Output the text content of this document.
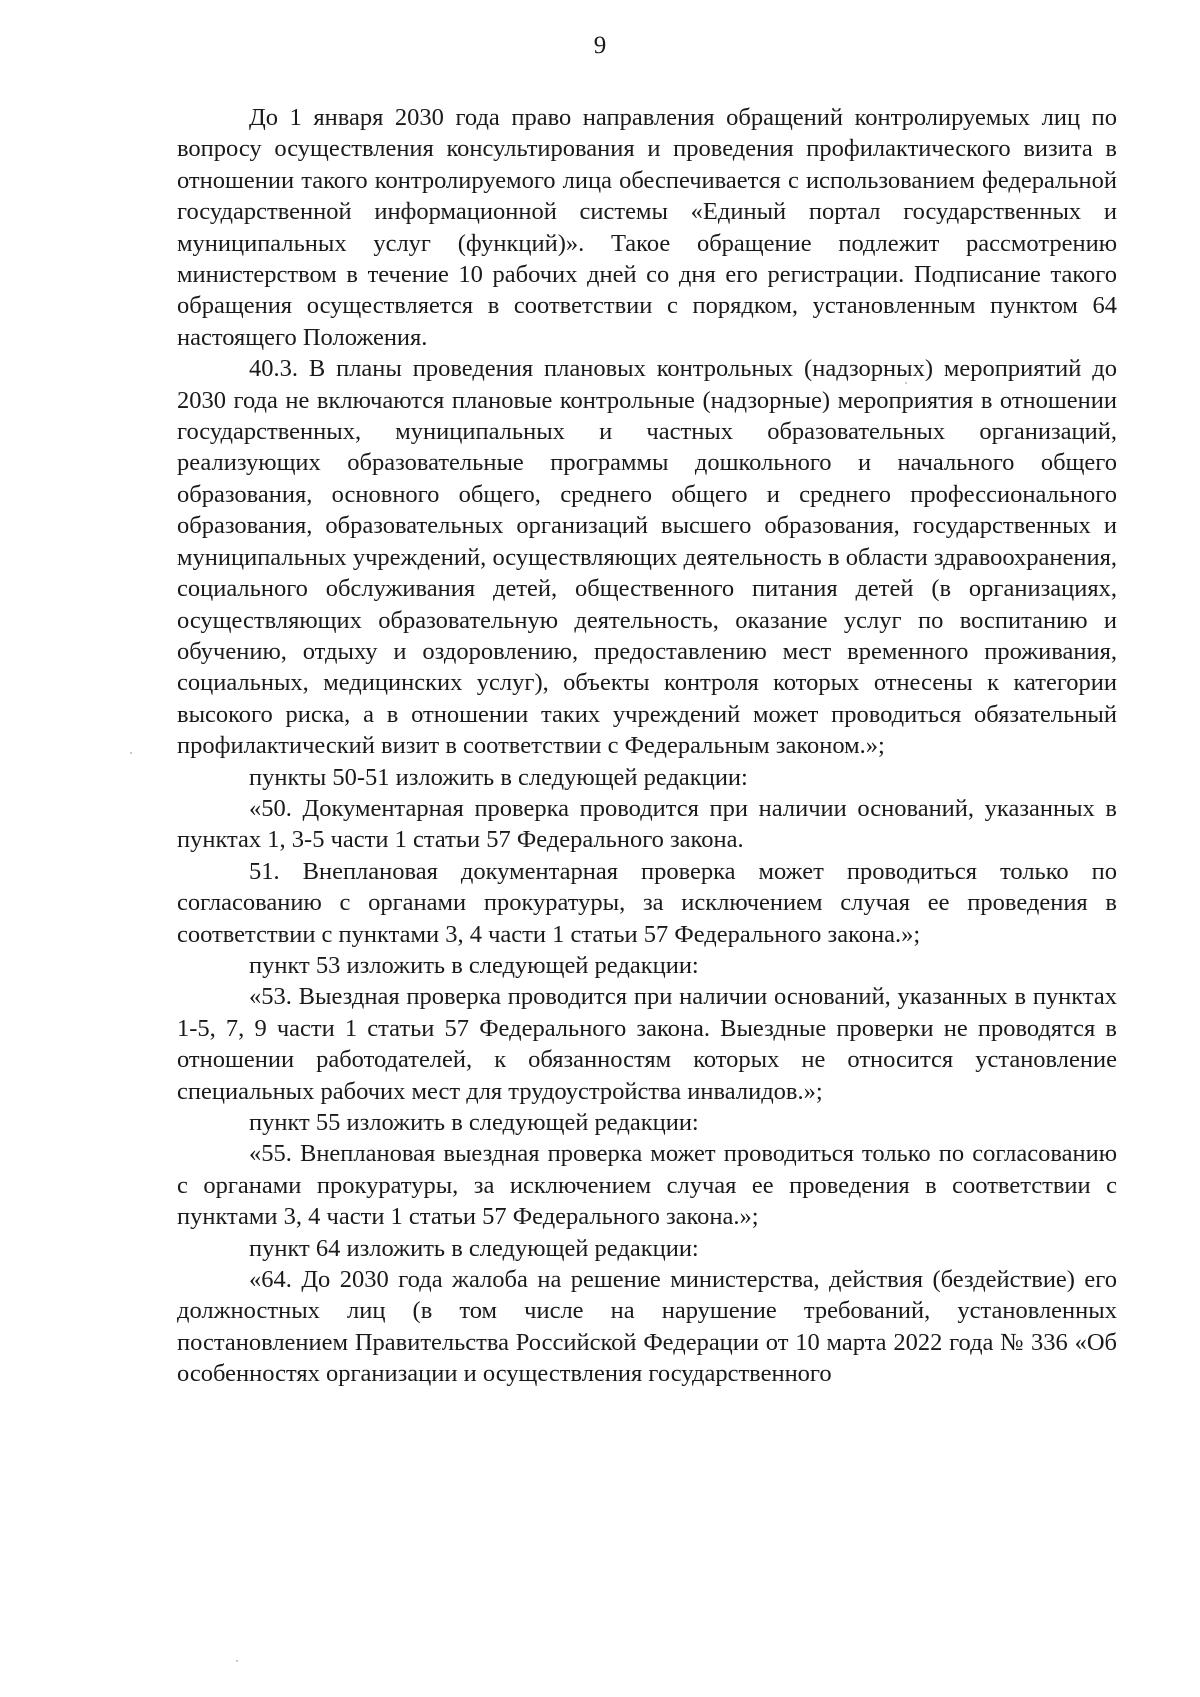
9

До 1 января 2030 года право направления обращений контролируемых лиц по вопросу осуществления консультирования и проведения профилактического визита в отношении такого контролируемого лица обеспечивается с использованием федеральной государственной информационной системы «Единый портал государственных и муниципальных услуг (функций)». Такое обращение подлежит рассмотрению министерством в течение 10 рабочих дней со дня его регистрации. Подписание такого обращения осуществляется в соответствии с порядком, установленным пунктом 64 настоящего Положения.

40.3. В планы проведения плановых контрольных (надзорных) мероприятий до 2030 года не включаются плановые контрольные (надзорные) мероприятия в отношении государственных, муниципальных и частных образовательных организаций, реализующих образовательные программы дошкольного и начального общего образования, основного общего, среднего общего и среднего профессионального образования, образовательных организаций высшего образования, государственных и муниципальных учреждений, осуществляющих деятельность в области здравоохранения, социального обслуживания детей, общественного питания детей (в организациях, осуществляющих образовательную деятельность, оказание услуг по воспитанию и обучению, отдыху и оздоровлению, предоставлению мест временного проживания, социальных, медицинских услуг), объекты контроля которых отнесены к категории высокого риска, а в отношении таких учреждений может проводиться обязательный профилактический визит в соответствии с Федеральным законом.»;

пункты 50-51 изложить в следующей редакции:

«50. Документарная проверка проводится при наличии оснований, указанных в пунктах 1, 3-5 части 1 статьи 57 Федерального закона.

51. Внеплановая документарная проверка может проводиться только по согласованию с органами прокуратуры, за исключением случая ее проведения в соответствии с пунктами 3, 4 части 1 статьи 57 Федерального закона.»;

пункт 53 изложить в следующей редакции:

«53. Выездная проверка проводится при наличии оснований, указанных в пунктах 1-5, 7, 9 части 1 статьи 57 Федерального закона. Выездные проверки не проводятся в отношении работодателей, к обязанностям которых не относится установление специальных рабочих мест для трудоустройства инвалидов.»;

пункт 55 изложить в следующей редакции:

«55. Внеплановая выездная проверка может проводиться только по согласованию с органами прокуратуры, за исключением случая ее проведения в соответствии с пунктами 3, 4 части 1 статьи 57 Федерального закона.»;

пункт 64 изложить в следующей редакции:

«64. До 2030 года жалоба на решение министерства, действия (бездействие) его должностных лиц (в том числе на нарушение требований, установленных постановлением Правительства Российской Федерации от 10 марта 2022 года № 336 «Об особенностях организации и осуществления государственного
